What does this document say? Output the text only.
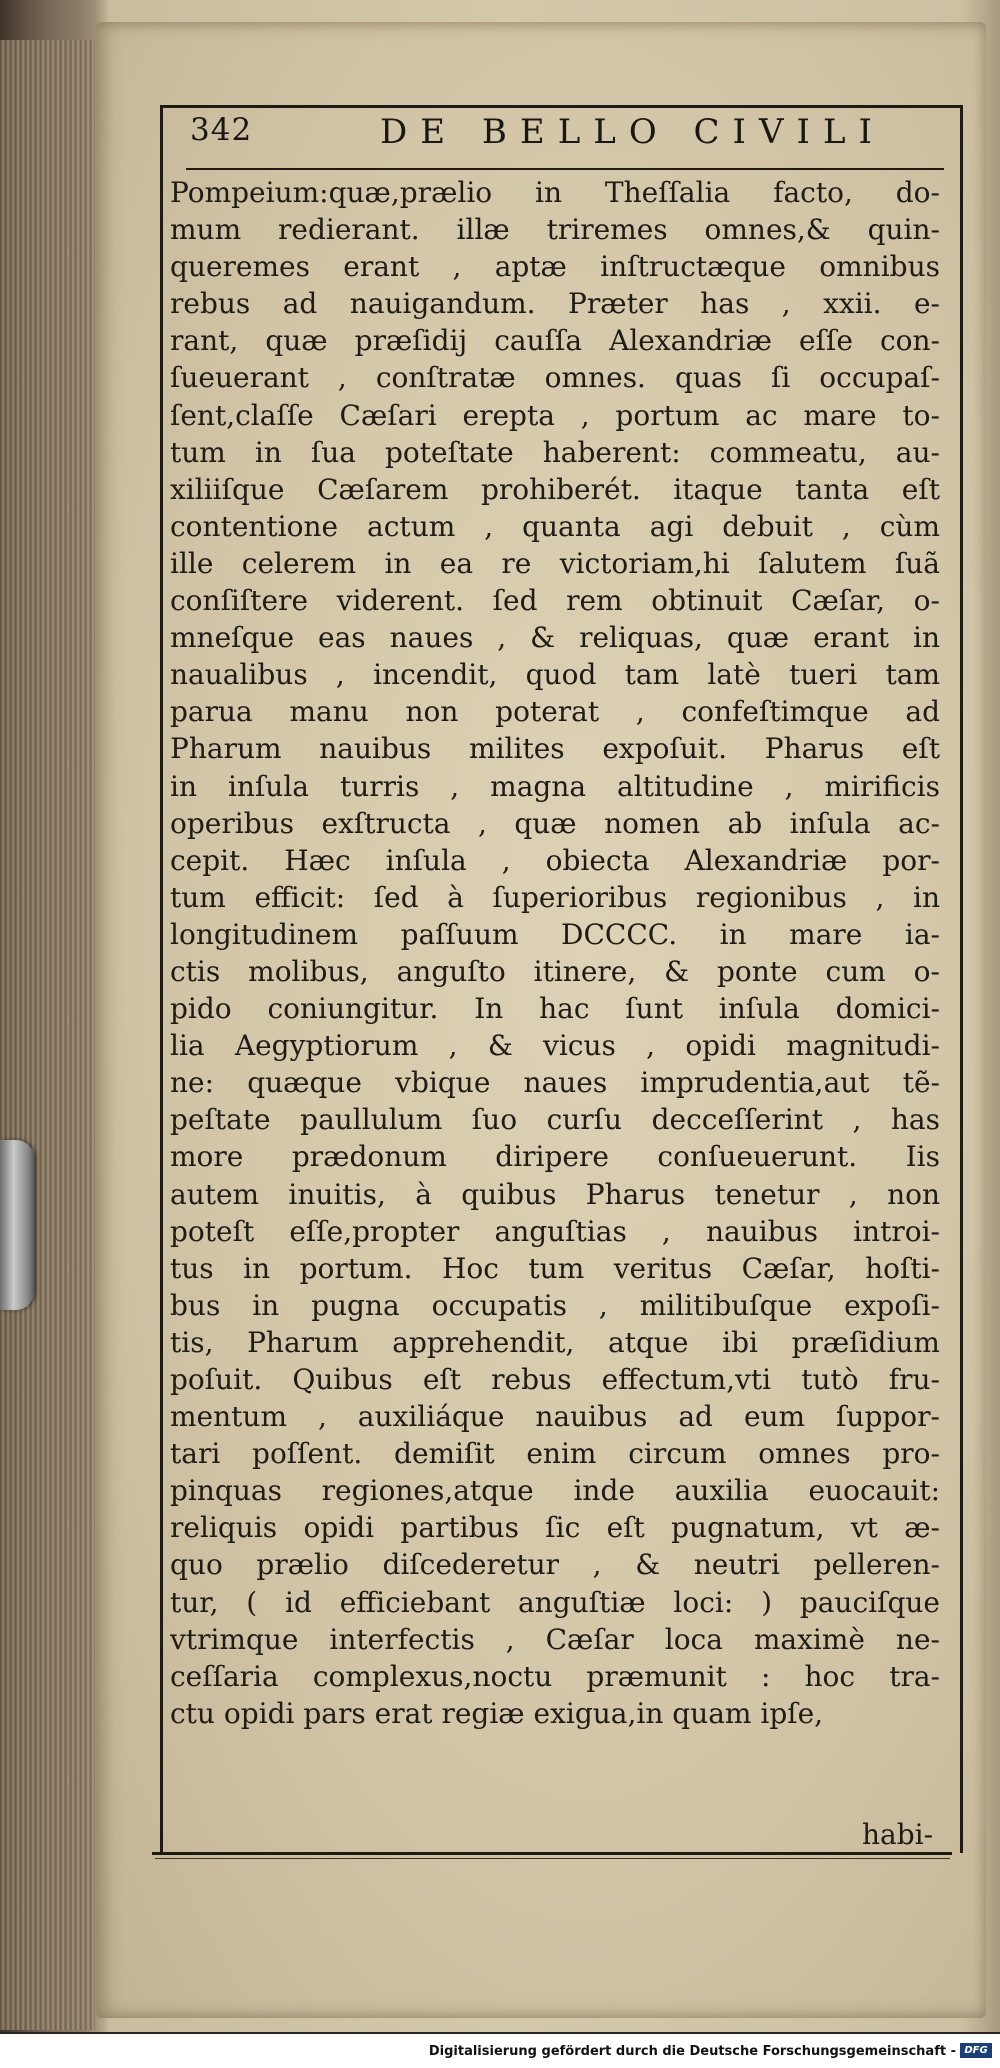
342	DE BELLO CIVILI
Pompeium:quæ,prælio in Theſſalia facto, do-
mum redierant. illæ triremes omnes,& quin-
queremes erant , aptæ inſtructæque omnibus
rebus ad nauigandum. Præter has , xxii. e-
rant, quæ præſidij cauſſa Alexandriæ eſſe con-
ſueuerant , conſtratæ omnes. quas ſi occupaſ-
ſent,claſſe Cæſari erepta , portum ac mare to-
tum in ſua poteſtate haberent: commeatu, au-
xiliiſque Cæſarem prohiberét. itaque tanta eſt
contentione actum , quanta agi debuit , cùm
ille celerem in ea re victoriam,hi ſalutem ſuã
conſiſtere viderent. ſed rem obtinuit Cæſar, o-
mneſque eas naues , & reliquas, quæ erant in
naualibus , incendit, quod tam latè tueri tam
parua manu non poterat , confeſtimque ad
Pharum nauibus milites expoſuit. Pharus eſt
in inſula turris , magna altitudine , mirificis
operibus exſtructa , quæ nomen ab inſula ac-
cepit. Hæc inſula , obiecta Alexandriæ por-
tum efficit: ſed à ſuperioribus regionibus , in
longitudinem paſſuum DCCCC. in mare ia-
ctis molibus, anguſto itinere, & ponte cum o-
pido coniungitur. In hac ſunt inſula domici-
lia Aegyptiorum , & vicus , opidi magnitudi-
ne: quæque vbique naues imprudentia,aut tẽ-
peſtate paullulum ſuo curſu decceſſerint , has
more prædonum diripere conſueuerunt. Iis
autem inuitis, à quibus Pharus tenetur , non
poteſt eſſe,propter anguſtias , nauibus introi-
tus in portum. Hoc tum veritus Cæſar, hoſti-
bus in pugna occupatis , militibuſque expoſi-
tis, Pharum apprehendit, atque ibi præſidium
poſuit. Quibus eſt rebus effectum,vti tutò fru-
mentum , auxiliáque nauibus ad eum ſuppor-
tari poſſent. demiſit enim circum omnes pro-
pinquas regiones,atque inde auxilia euocauit:
reliquis opidi partibus ſic eſt pugnatum, vt æ-
quo prælio diſcederetur , & neutri pelleren-
tur, ( id efficiebant anguſtiæ loci: ) pauciſque
vtrimque interfectis , Cæſar loca maximè ne-
ceſſaria complexus,noctu præmunit : hoc tra-
ctu opidi pars erat regiæ exigua,in quam ipſe,
habi-
Digitalisierung gefördert durch die Deutsche Forschungsgemeinschaft - DFG
